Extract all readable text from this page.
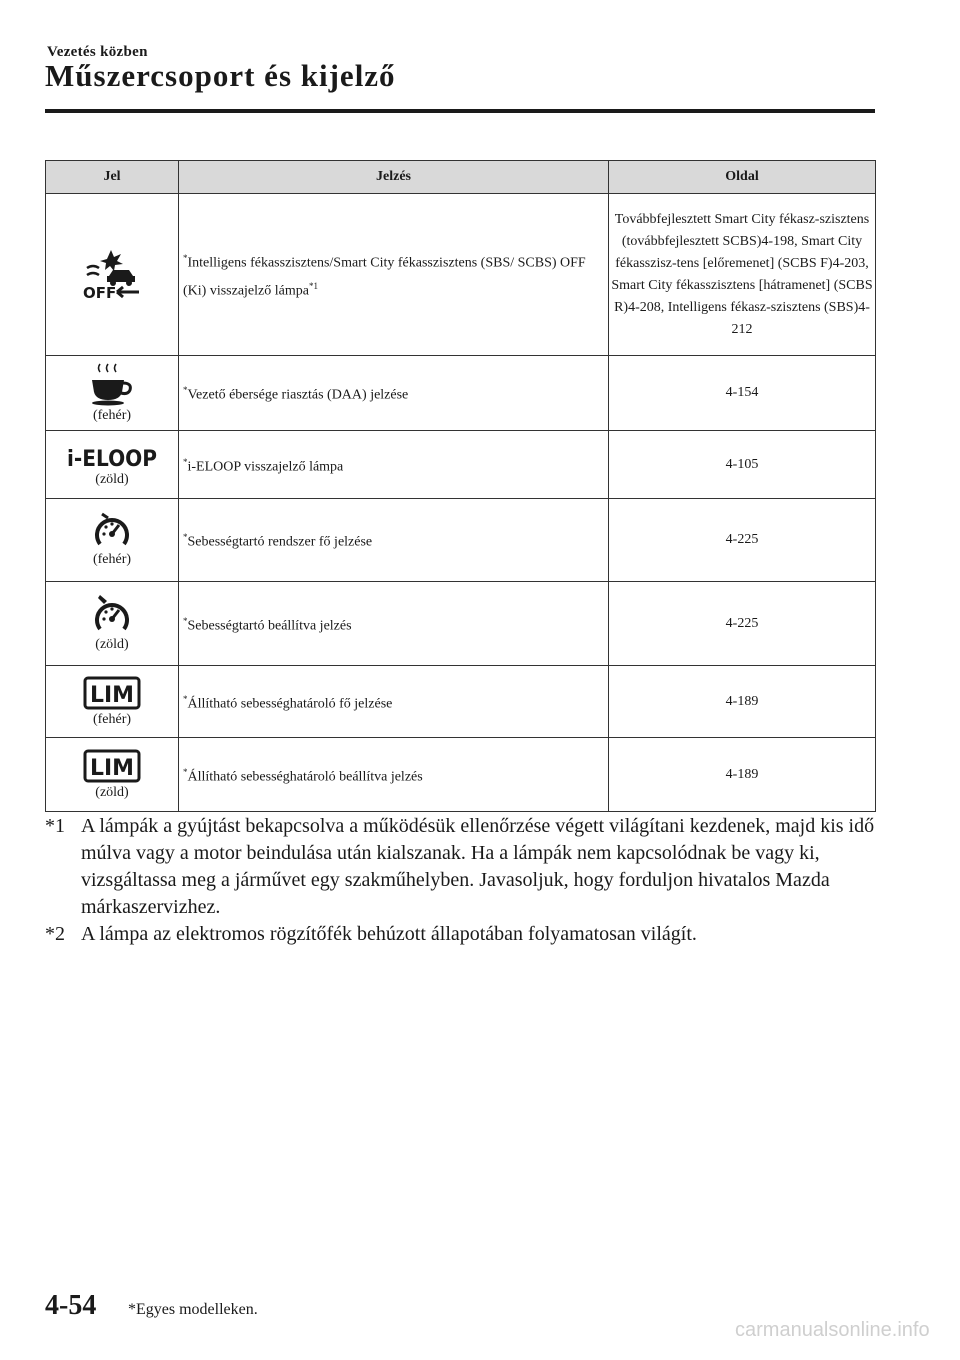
Vezetés közben
Műszercsoport és kijelző
Jel	Jelzés	Oldal

OFF	*Intelligens fékasszisztens/Smart City fékasszisztens (SBS/ SCBS) OFF (Ki) visszajelző lámpa$^{*1}$	Továbbfejlesztett Smart City fékasz-szisztens (továbbfejlesztett SCBS)4-198, Smart City fékasszisz-tens [előremenet] (SCBS F)4-203, Smart City fékasszisztens [hátramenet] (SCBS R)4-208, Intelligens fékasz-szisztens (SBS)4-212

(fehér)	*Vezető ébersége riasztás (DAA) jelzése	4-154

i-ELOOP
(zöld)	*i-ELOOP visszajelző lámpa	4-105

(fehér)	*Sebességtartó rendszer fő jelzése	4-225

(zöld)	*Sebességtartó beállítva jelzés	4-225

LIM
(fehér)	*Állítható sebességhatároló fő jelzése	4-189

LIM
(zöld)	*Állítható sebességhatároló beállítva jelzés	4-189
*1 A lámpák a gyújtást bekapcsolva a működésük ellenőrzése végett világítani kezdenek, majd kis idő múlva vagy a motor beindulása után kialszanak. Ha a lámpák nem kapcsolódnak be vagy ki, vizsgáltassa meg a járművet egy szakműhelyben. Javasoljuk, hogy forduljon hivatalos Mazda márkaszervizhez.
*2 A lámpa az elektromos rögzítőfék behúzott állapotában folyamatosan világít.
4-54 *Egyes modelleken.
carmanualsonline.info
